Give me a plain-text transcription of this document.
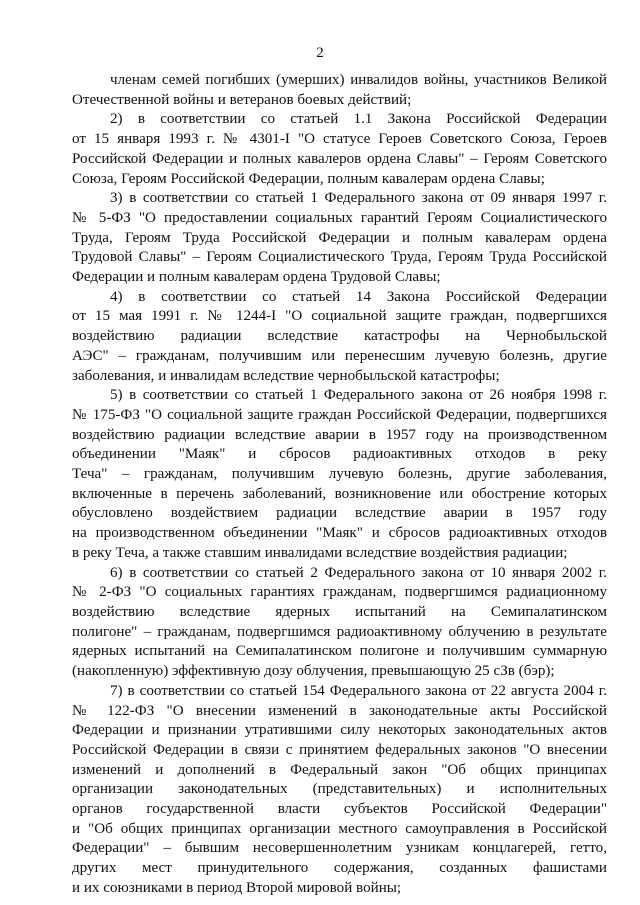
2
членам семей погибших (умерших) инвалидов войны, участников Великой
Отечественной войны и ветеранов боевых действий;
2) в соответствии со статьей 1.1 Закона Российской Федерации
от 15 января 1993 г. № 4301-I "О статусе Героев Советского Союза, Героев
Российской Федерации и полных кавалеров ордена Славы" – Героям Советского
Союза, Героям Российской Федерации, полным кавалерам ордена Славы;
3) в соответствии со статьей 1 Федерального закона от 09 января 1997 г.
№ 5-ФЗ "О предоставлении социальных гарантий Героям Социалистического
Труда, Героям Труда Российской Федерации и полным кавалерам ордена
Трудовой Славы" – Героям Социалистического Труда, Героям Труда Российской
Федерации и полным кавалерам ордена Трудовой Славы;
4) в соответствии со статьей 14 Закона Российской Федерации
от 15 мая 1991 г. № 1244-I "О социальной защите граждан, подвергшихся
воздействию радиации вследствие катастрофы на Чернобыльской
АЭС" – гражданам, получившим или перенесшим лучевую болезнь, другие
заболевания, и инвалидам вследствие чернобыльской катастрофы;
5) в соответствии со статьей 1 Федерального закона от 26 ноября 1998 г.
№ 175-ФЗ "О социальной защите граждан Российской Федерации, подвергшихся
воздействию радиации вследствие аварии в 1957 году на производственном
объединении "Маяк" и сбросов радиоактивных отходов в реку
Теча" – гражданам, получившим лучевую болезнь, другие заболевания,
включенные в перечень заболеваний, возникновение или обострение которых
обусловлено воздействием радиации вследствие аварии в 1957 году
на производственном объединении "Маяк" и сбросов радиоактивных отходов
в реку Теча, а также ставшим инвалидами вследствие воздействия радиации;
6) в соответствии со статьей 2 Федерального закона от 10 января 2002 г.
№ 2-ФЗ "О социальных гарантиях гражданам, подвергшимся радиационному
воздействию вследствие ядерных испытаний на Семипалатинском
полигоне" – гражданам, подвергшимся радиоактивному облучению в результате
ядерных испытаний на Семипалатинском полигоне и получившим суммарную
(накопленную) эффективную дозу облучения, превышающую 25 сЗв (бэр);
7) в соответствии со статьей 154 Федерального закона от 22 августа 2004 г.
№ 122-ФЗ "О внесении изменений в законодательные акты Российской
Федерации и признании утратившими силу некоторых законодательных актов
Российской Федерации в связи с принятием федеральных законов "О внесении
изменений и дополнений в Федеральный закон "Об общих принципах
организации законодательных (представительных) и исполнительных
органов государственной власти субъектов Российской Федерации"
и "Об общих принципах организации местного самоуправления в Российской
Федерации" – бывшим несовершеннолетним узникам концлагерей, гетто,
других мест принудительного содержания, созданных фашистами
и их союзниками в период Второй мировой войны;
